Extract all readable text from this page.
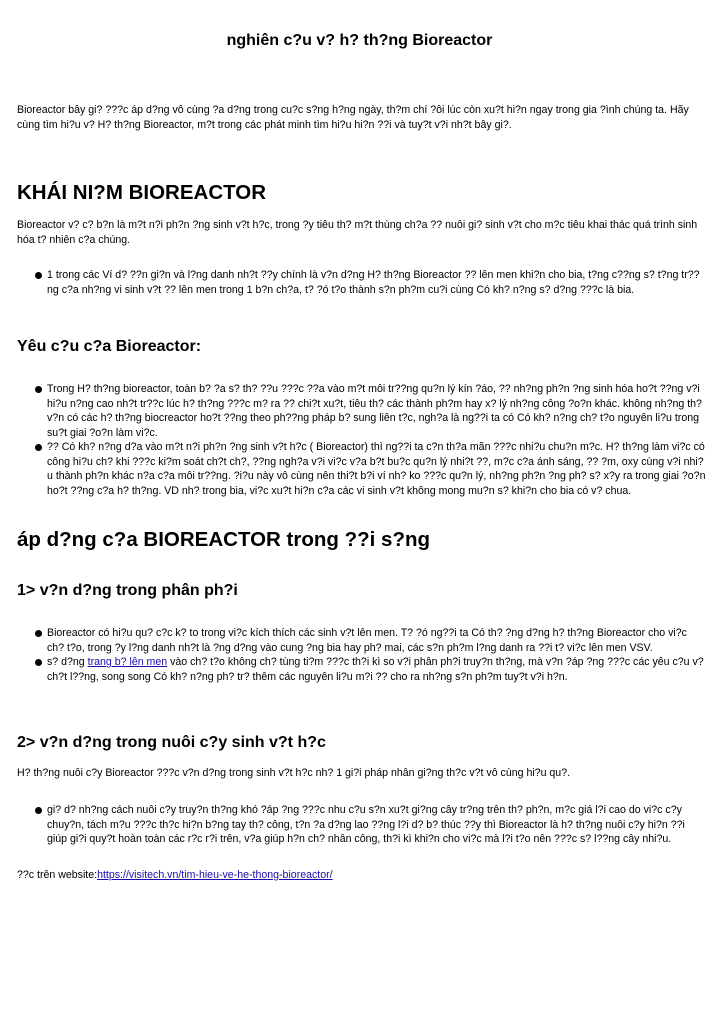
nghiên c?u v? h? th?ng Bioreactor

Bioreactor bây gi? ???c áp d?ng vô cùng ?a d?ng trong cu?c s?ng h?ng ngày, th?m chí ?ôi lúc còn xu?t hi?n ngay trong gia ?ình chúng ta. Hãy cùng tìm hi?u v? H? th?ng Bioreactor, m?t trong các phát minh tìm hi?u hi?n ??i và tuy?t v?i nh?t bây gi?.

KHÁI NI?M BIOREACTOR

Bioreactor v? c? b?n là m?t n?i ph?n ?ng sinh v?t h?c, trong ?y tiêu th? m?t thùng ch?a ?? nuôi gi? sinh v?t cho m?c tiêu khai thác quá trình sinh hóa t? nhiên c?a chúng.

1 trong các Ví d? ??n gi?n và l?ng danh nh?t ??y chính là v?n d?ng H? th?ng Bioreactor ?? lên men khi?n cho bia, t?ng c??ng s? t?ng tr??ng c?a nh?ng vi sinh v?t ?? lên men trong 1 b?n ch?a, t? ?ó t?o thành s?n ph?m cu?i cùng Có kh? n?ng s? d?ng ???c là bia.
Yêu c?u c?a Bioreactor:
Trong H? th?ng bioreactor, toàn b? ?a s? th? ??u ???c ??a vào m?t môi tr??ng qu?n lý kín ?áo, ?? nh?ng ph?n ?ng sinh hóa ho?t ??ng v?i hi?u n?ng cao nh?t tr??c lúc h? th?ng ???c m? ra ?? chi?t xu?t, tiêu th? các thành ph?m hay x? lý nh?ng công ?o?n khác. không nh?ng th? v?n có các h? th?ng biocreactor ho?t ??ng theo ph??ng pháp b? sung liên t?c, ngh?a là ng??i ta có Có kh? n?ng ch? t?o nguyên li?u trong su?t giai ?o?n làm vi?c.
?? Có kh? n?ng d?a vào m?t n?i ph?n ?ng sinh v?t h?c ( Bioreactor) thì ng??i ta c?n th?a mãn ???c nhi?u chu?n m?c. H? th?ng làm vi?c có công hi?u ch? khi ???c ki?m soát ch?t ch?, ??ng ngh?a v?i vi?c v?a b?t bu?c qu?n lý nhi?t ??, m?c c?a ánh sáng, ?? ?m, oxy cùng v?i nhi?u thành ph?n khác n?a c?a môi tr??ng. ?i?u này vô cùng nên thi?t b?i ví nh? ko ???c qu?n lý, nh?ng ph?n ?ng ph? s? x?y ra trong giai ?o?n ho?t ??ng c?a h? th?ng. VD nh? trong bia, vi?c xu?t hi?n c?a các vi sinh v?t không mong mu?n s? khi?n cho bia có v? chua.
áp d?ng c?a BIOREACTOR trong ??i s?ng
1> v?n d?ng trong phân ph?i
Bioreactor có hi?u qu? c?c k? to trong vi?c kích thích các sinh v?t lên men. T? ?ó ng??i ta Có th? ?ng d?ng h? th?ng Bioreactor cho vi?c ch? t?o, trong ?y l?ng danh nh?t là ?ng d?ng vào cung ?ng bia hay ph? mai, các s?n ph?m l?ng danh ra ??i t? vi?c lên men VSV.
s? d?ng trang b? lên men vào ch? t?o không ch? tùng ti?m ???c th?i kì so v?i phân ph?i truy?n th?ng, mà v?n ?áp ?ng ???c các yêu c?u v? ch?t l??ng, song song Có kh? n?ng ph? tr? thêm các nguyên li?u m?i ?? cho ra nh?ng s?n ph?m tuy?t v?i h?n.
2> v?n d?ng trong nuôi c?y sinh v?t h?c

H? th?ng nuôi c?y Bioreactor ???c v?n d?ng trong sinh v?t h?c nh? 1 gi?i pháp nhân gi?ng th?c v?t vô cùng hi?u qu?.

gi? d? nh?ng cách nuôi c?y truy?n th?ng khó ?áp ?ng ???c nhu c?u s?n xu?t gi?ng cây tr?ng trên th? ph?n, m?c giá l?i cao do vi?c c?y chuy?n, tách m?u ???c th?c hi?n b?ng tay th? công, t?n ?a d?ng lao ??ng l?i d? b? thúc ??y thì Bioreactor là h? th?ng nuôi c?y hi?n ??i giúp gi?i quy?t hoàn toàn các r?c r?i trên, v?a giúp h?n ch? nhân công, th?i kì khi?n cho vi?c mà l?i t?o nên ???c s? l??ng cây nhi?u.

??c trên website:https://visitech.vn/tim-hieu-ve-he-thong-bioreactor/
